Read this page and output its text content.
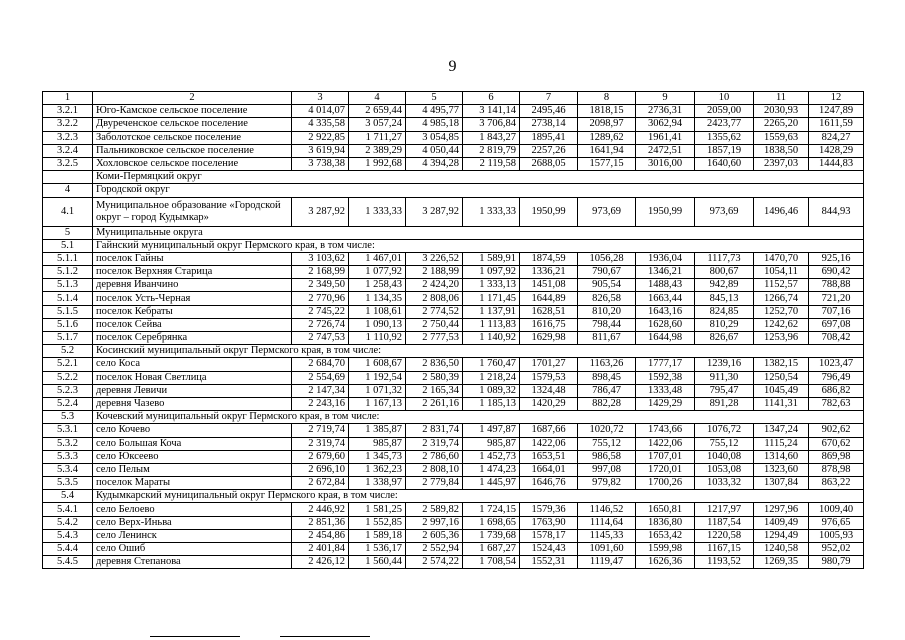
9
1	2	3	4	5	6	7	8	9	10	11	12
3.2.1	Юго-Камское сельское поселение	4 014,07	2 659,44	4 495,77	3 141,14	2495,46	1818,15	2736,31	2059,00	2030,93	1247,89
3.2.2	Двуреченское сельское поселение	4 335,58	3 057,24	4 985,18	3 706,84	2738,14	2098,97	3062,94	2423,77	2265,20	1611,59
3.2.3	Заболотское сельское поселение	2 922,85	1 711,27	3 054,85	1 843,27	1895,41	1289,62	1961,41	1355,62	1559,63	824,27
3.2.4	Пальниковское сельское поселение	3 619,94	2 389,29	4 050,44	2 819,79	2257,26	1641,94	2472,51	1857,19	1838,50	1428,29
3.2.5	Хохловское сельское поселение	3 738,38	1 992,68	4 394,28	2 119,58	2688,05	1577,15	3016,00	1640,60	2397,03	1444,83
	Коми-Пермяцкий округ										
4	Городской округ										
4.1	Муниципальное образование «Городской округ – город Кудымкар»	3 287,92	1 333,33	3 287,92	1 333,33	1950,99	973,69	1950,99	973,69	1496,46	844,93
5	Муниципальные округа										
5.1	Гайнский муниципальный округ Пермского края, в том числе:										
5.1.1	поселок Гайны	3 103,62	1 467,01	3 226,52	1 589,91	1874,59	1056,28	1936,04	1117,73	1470,70	925,16
5.1.2	поселок Верхняя Старица	2 168,99	1 077,92	2 188,99	1 097,92	1336,21	790,67	1346,21	800,67	1054,11	690,42
5.1.3	деревня Иванчино	2 349,50	1 258,43	2 424,20	1 333,13	1451,08	905,54	1488,43	942,89	1152,57	788,88
5.1.4	поселок Усть-Черная	2 770,96	1 134,35	2 808,06	1 171,45	1644,89	826,58	1663,44	845,13	1266,74	721,20
5.1.5	поселок Кебраты	2 745,22	1 108,61	2 774,52	1 137,91	1628,51	810,20	1643,16	824,85	1252,70	707,16
5.1.6	поселок Сейва	2 726,74	1 090,13	2 750,44	1 113,83	1616,75	798,44	1628,60	810,29	1242,62	697,08
5.1.7	поселок Серебрянка	2 747,53	1 110,92	2 777,53	1 140,92	1629,98	811,67	1644,98	826,67	1253,96	708,42
5.2	Косинский муниципальный округ Пермского края, в том числе:										
5.2.1	село Коса	2 684,70	1 608,67	2 836,50	1 760,47	1701,27	1163,26	1777,17	1239,16	1382,15	1023,47
5.2.2	поселок Новая Светлица	2 554,69	1 192,54	2 580,39	1 218,24	1579,53	898,45	1592,38	911,30	1250,54	796,49
5.2.3	деревня Левичи	2 147,34	1 071,32	2 165,34	1 089,32	1324,48	786,47	1333,48	795,47	1045,49	686,82
5.2.4	деревня Чазево	2 243,16	1 167,13	2 261,16	1 185,13	1420,29	882,28	1429,29	891,28	1141,31	782,63
5.3	Кочевский муниципальный округ Пермского края, в том числе:										
5.3.1	село Кочево	2 719,74	1 385,87	2 831,74	1 497,87	1687,66	1020,72	1743,66	1076,72	1347,24	902,62
5.3.2	село Большая Коча	2 319,74	985,87	2 319,74	985,87	1422,06	755,12	1422,06	755,12	1115,24	670,62
5.3.3	село Юксеево	2 679,60	1 345,73	2 786,60	1 452,73	1653,51	986,58	1707,01	1040,08	1314,60	869,98
5.3.4	село Пелым	2 696,10	1 362,23	2 808,10	1 474,23	1664,01	997,08	1720,01	1053,08	1323,60	878,98
5.3.5	поселок Мараты	2 672,84	1 338,97	2 779,84	1 445,97	1646,76	979,82	1700,26	1033,32	1307,84	863,22
5.4	Кудымкарский муниципальный округ Пермского края, в том числе:										
5.4.1	село Белоево	2 446,92	1 581,25	2 589,82	1 724,15	1579,36	1146,52	1650,81	1217,97	1297,96	1009,40
5.4.2	село Верх-Иньва	2 851,36	1 552,85	2 997,16	1 698,65	1763,90	1114,64	1836,80	1187,54	1409,49	976,65
5.4.3	село Ленинск	2 454,86	1 589,18	2 605,36	1 739,68	1578,17	1145,33	1653,42	1220,58	1294,49	1005,93
5.4.4	село Ошиб	2 401,84	1 536,17	2 552,94	1 687,27	1524,43	1091,60	1599,98	1167,15	1240,58	952,02
5.4.5	деревня Степанова	2 426,12	1 560,44	2 574,22	1 708,54	1552,31	1119,47	1626,36	1193,52	1269,35	980,79
